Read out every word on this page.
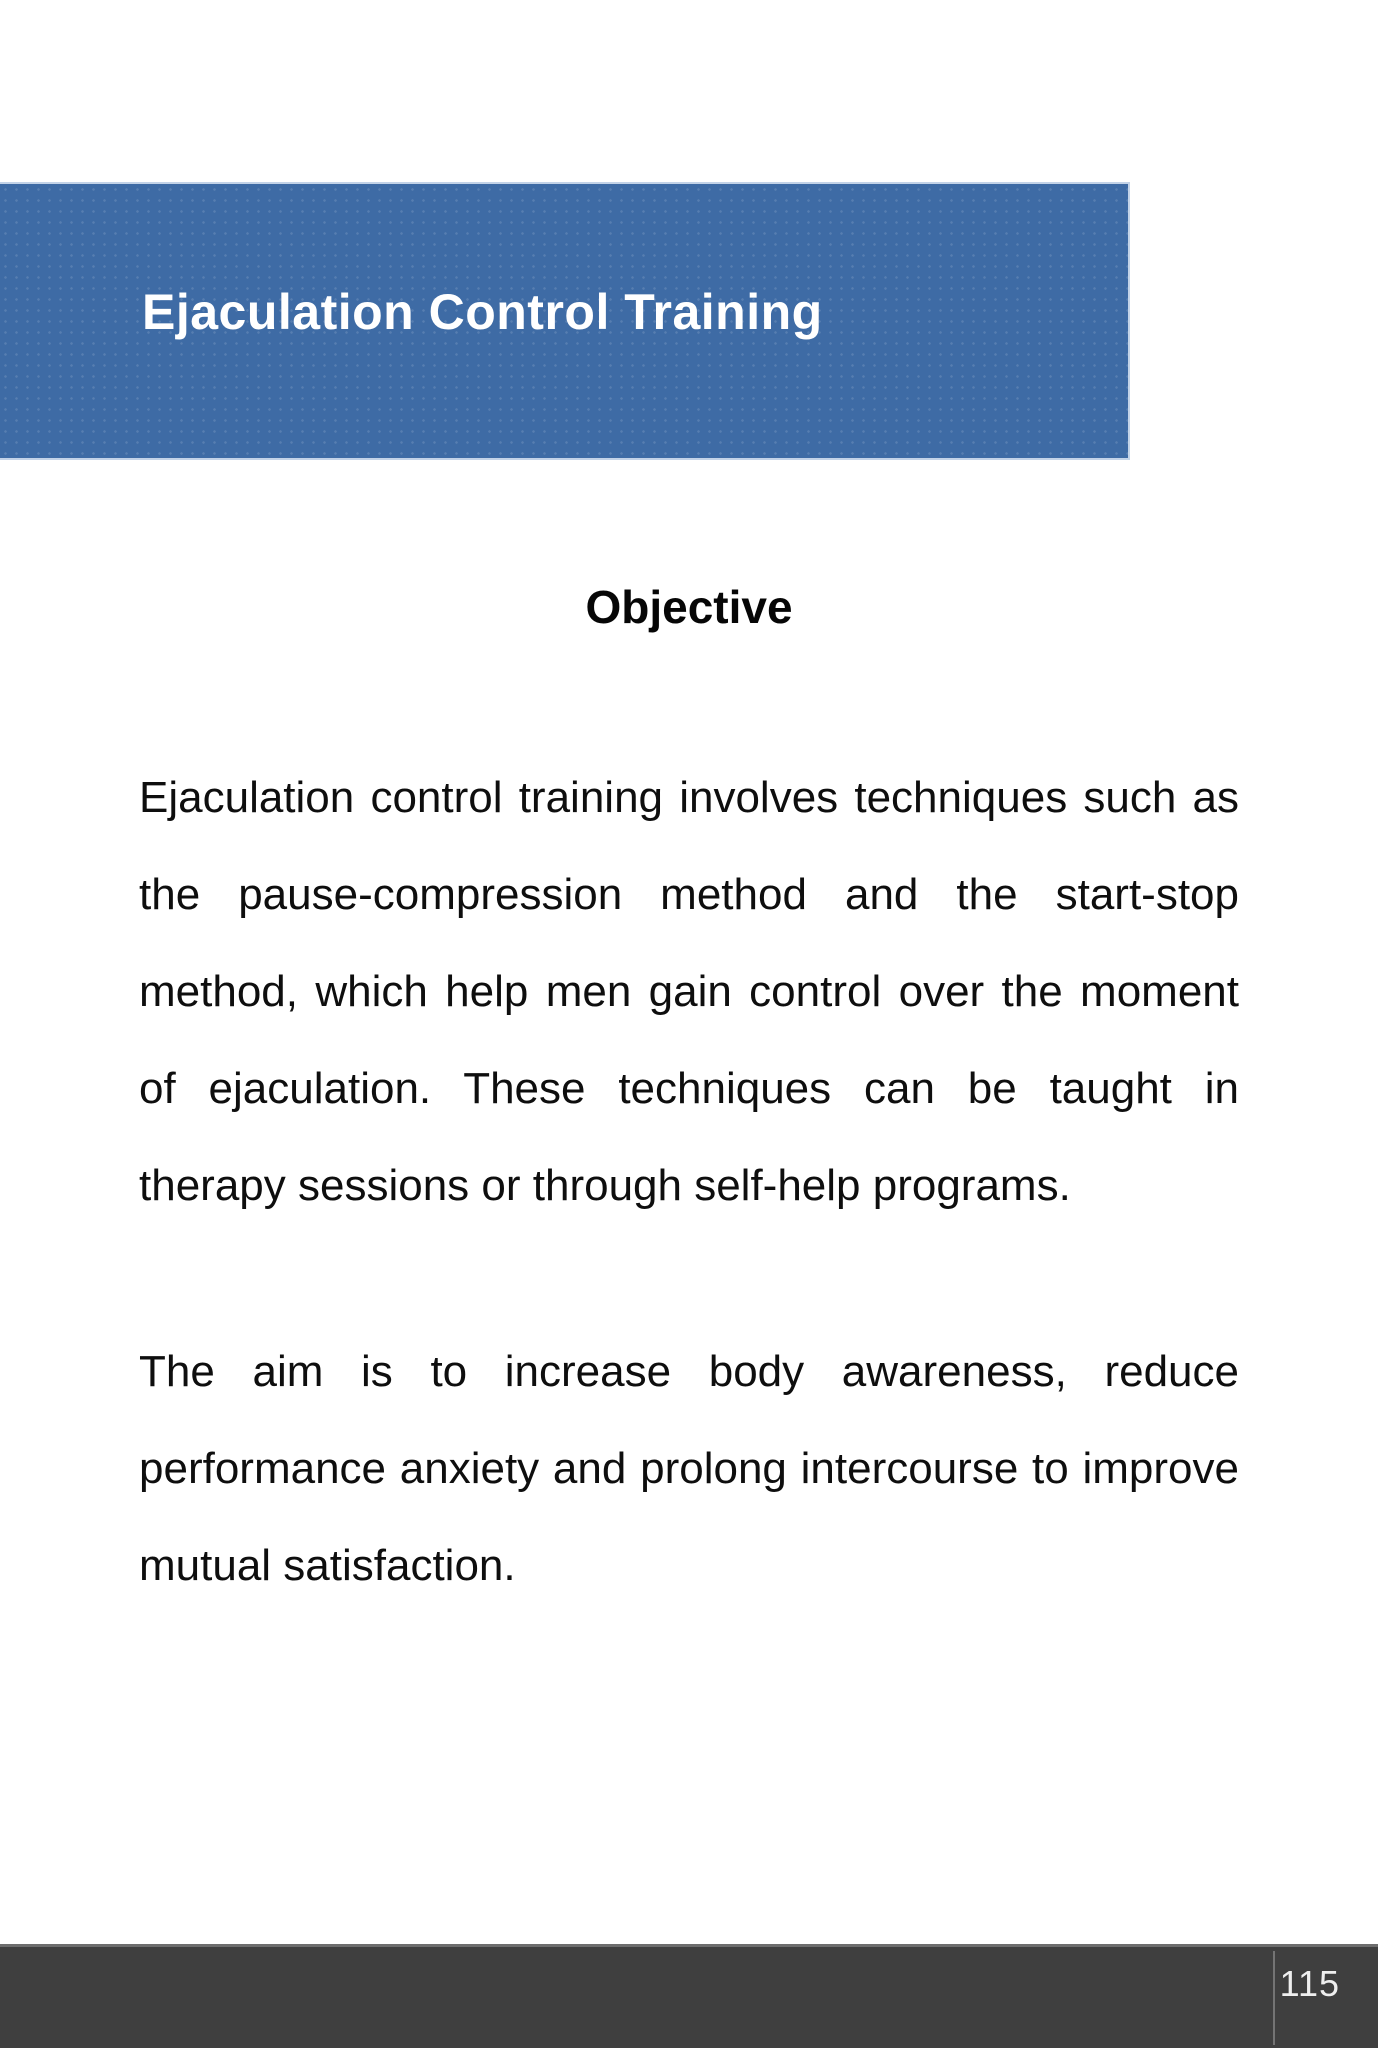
Ejaculation Control Training
Objective

Ejaculation control training involves techniques such as the pause-compression method and the start-stop method, which help men gain control over the moment of ejaculation. These techniques can be taught in therapy sessions or through self-help programs.

The aim is to increase body awareness, reduce performance anxiety and prolong intercourse to improve mutual satisfaction.

115
